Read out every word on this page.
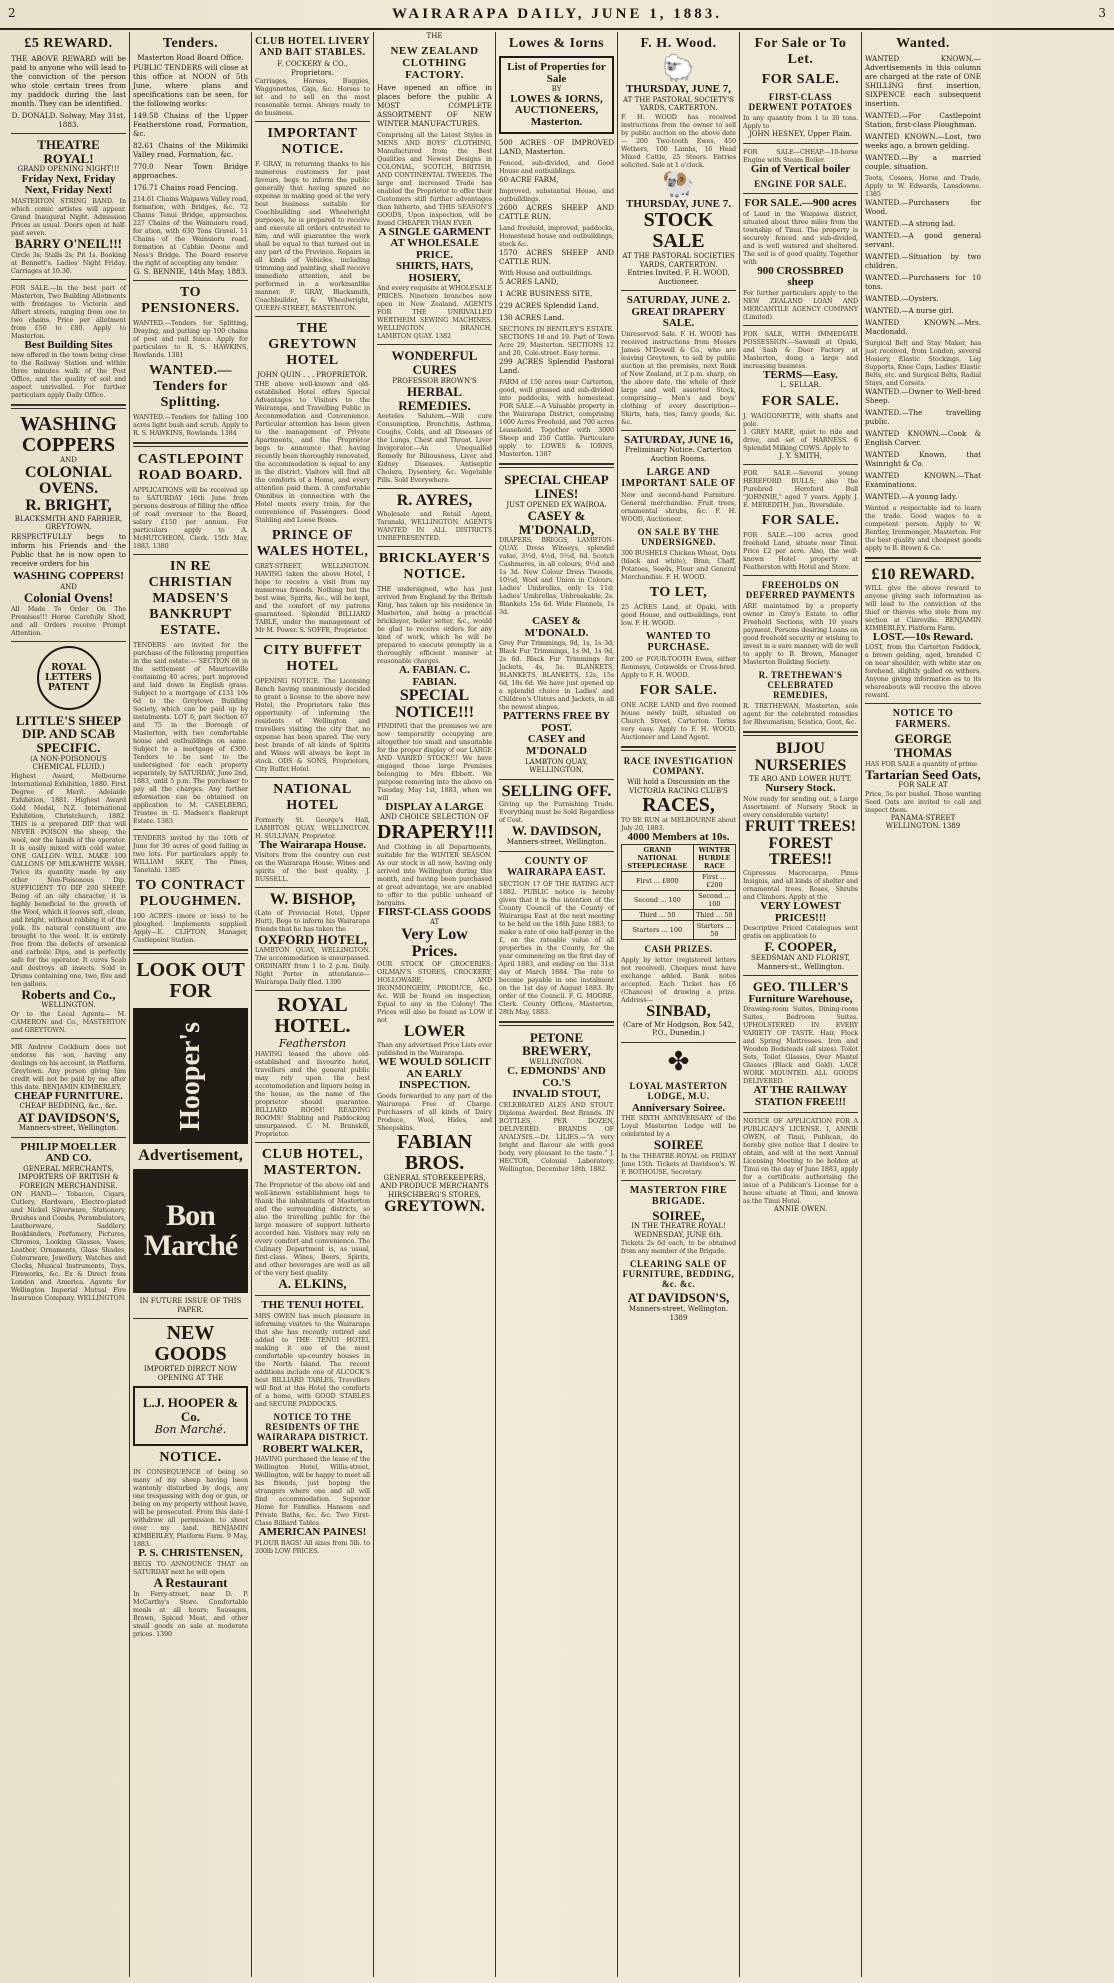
2	WAIRARAPA DAILY, JUNE 1, 1883.	3
£5 REWARD.

THE ABOVE REWARD will be paid to anyone who will lead to the conviction of the person who stole certain trees from my paddock during the last month. They can be identified.

D. DONALD. Solway, May 31st, 1883.

THEATRE ROYAL!
GRAND OPENING NIGHT!!!
Friday Next, Friday Next, Friday Next!
MASTERTON STRING BAND. In which comic artistes will appear. Grand Inaugural Night. Admission Prices as usual. Doors open at half-past seven.
BARRY O'NEIL!!!
Circle 3s; Stalls 2s; Pit 1s. Booking at Bennett's. Ladies' Night Friday. Carriages at 10.30.
FOR SALE.—In the best part of Masterton, Two Building Allotments with frontages to Victoria and Albert streets, ranging from one to two chains. Price per allotment from £50 to £80. Apply to Masterton.
Best Building Sites
now offered in the town being close to the Railway Station and within three minutes walk of the Post Office, and the quality of soil and aspect unrivalled. For further particulars apply Daily Office.
WASHING COPPERS
AND
COLONIAL OVENS.
R. BRIGHT,
BLACKSMITH AND FARRIER, GREYTOWN.

RESPECTFULLY begs to inform his Friends and the Public that he is now open to receive orders for his

WASHING COPPERS!
AND
Colonial Ovens!
All Made To Order On The Premises!!! Horse Carefully Shod, and all Orders receive Prompt Attention.
ROYAL
LETTERS
PATENT
LITTLE'S SHEEP DIP. AND SCAB SPECIFIC.
(A NON-POISONOUS CHEMICAL FLUID.)
Highest Award, Melbourne International Exhibition, 1880. First Degree of Merit. Adelaide Exhibition, 1881. Highest Award Gold Medal, N.Z. International Exhibition, Christchurch, 1882. THIS is a prepared DIP that will NEVER POISON the sheep, the wool, nor the hands of the operator. It is easily mixed with cold water. ONE GALLON WILL MAKE 100 GALLONS OF MILK-WHITE WASH. Twice its quantity made by any other Non-Poisonous Dip. SUFFICIENT TO DIP 200 SHEEP. Being of an oily character, it is highly beneficial to the growth of the Wool, which it leaves soft, clean, and bright, without robbing it of the yolk. Its natural constituent are brought to the wool. It is entirely free from the defects of arsenical and carbolic Dips, and is perfectly safe for the operator. It cures Scab and destroys all insects. Sold in Drums containing one, two, five and ten gallons.
Roberts and Co.,
WELLINGTON.
Or to the Local Agents— M. CAMERON and Co., MASTERTON and GREYTOWN.
MR Andrew Cockburn does not endorse his son, having any dealings on his account, in Platform, Greytown. Any person giving him credit will not be paid by me after this date. BENJAMIN KIMBERLEY.
CHEAP FURNITURE.
CHEAP BEDDING, &c., &c.
AT DAVIDSON'S,
Manners-street, Wellington.
PHILIP MOELLER AND CO.
GENERAL MERCHANTS, IMPORTERS OF BRITISH & FOREIGN MERCHANDISE.
ON HAND— Tobacco, Cigars, Cutlery, Hardware, Electro-plated and Nickel Silverware, Stationery, Brushes and Combs, Perambulators, Leatherware, Saddlery, Bookbinders, Perfumery, Pictures, Chromos, Looking Glasses, Vases, Leather, Ornaments, Glass Shades, Colourware, Jewellery, Watches and Clocks, Musical Instruments, Toys, Fireworks, &c. Ex & Direct from London and America. Agents for Wellington Imperial Mutual Fire Insurance Company. WELLINGTON.
Tenders.
Masterton Road Board Office.

PUBLIC TENDERS will close at this office at NOON of 5th June, where plans and specifications can be seen, for the following works:

149.58 Chains of the Upper Featherstone road, Formation, &c.

82.61 Chains of the Mikimiki Valley road, Formation, &c.

770.0 Near Town Bridge approaches.

176.71 Chains road Fencing.

214.61 Chains Waipawa Valley road, formation, with Bridges, &c. 72 Chains Tenui Bridge, approaches. 227 Chains of the Wainuioru road, for ation, with 630 Tons Gravel. 11 Chains of the Wainuioru road, formation at Cabbie Doone and Ness's Bridge. The Board reserve the right of accepting any tender.

G. S. BENNIE, 14th May, 1883.

TO PENSIONERS.
WANTED.—Tenders for Splitting, Draying, and putting up 100 chains of post and rail fence. Apply for particulars to R. S. HAWKINS, Rowlands. 1381
WANTED.—Tenders for Splitting.
WANTED.—Tenders for falling 100 acres light bush and scrub. Apply to R. S. HAWKINS, Rowlands. 1384
CASTLEPOINT ROAD BOARD.
APPLICATIONS will be received up to SATURDAY 16th June from persons desirous of filling the office of road overseer to the Board, salary £150 per annum. For particulars apply to A. McHUTCHEON, Clerk. 15th May, 1883. 1380
IN RE CHRISTIAN MADSEN'S BANKRUPT ESTATE.
TENDERS are invited for the purchase of the following properties in the said estate:— SECTION 68 in the settlement of Mauriceville containing 40 acres, part improved and laid down in English grass. Subject to a mortgage of £131 10s 6d to the Greytown Building Society, which can be paid up by instalments. LOT 6, part Section 67 and 75 in the Borough of Masterton, with two comfortable house and outbuildings on same. Subject to a mortgage of £300. Tenders to be sent to the undersigned for each property separately, by SATURDAY, June 2nd, 1883, until 5 p.m. The purchaser to pay all the charges. Any further information can be obtained on application to M. CASELBERG, Trustee in G. Madsen's Bankrupt Estate. 1383
TENDERS invited by the 10th of June for 30 acres of good falling in two lots. For particulars apply to WILLIAM SKEY, The Pines, Tanetahi. 1385
TO CONTRACT PLOUGHMEN.
100 ACRES (more or less) to be ploughed. Implements supplied. Apply—E. CLIFTON, Manager, Castlepoint Station.
LOOK OUT FOR
Hooper's
Advertisement,
Bon
Marché
IN FUTURE ISSUE OF THIS PAPER.
NEW GOODS
IMPORTED DIRECT NOW OPENING AT THE
L.J. HOOPER & Co.
Bon Marché.
NOTICE.
IN CONSEQUENCE of being so many of my sheep having been wantonly disturbed by dogs, any one trespassing with dog or gun, or being on my property without leave, will be prosecuted. From this date I withdraw all permission to shoot over my land. BENJAMIN KIMBERLEY, Platform Farm. 9 May, 1883.
P. S. CHRISTENSEN,
BEGS TO ANNOUNCE THAT on SATURDAY next he will open
A Restaurant
In Ferry-street, near D. P. McCarthy's Store. Comfortable meals at all hours; Sausages, Brawn, Spiced Meat, and other small goods on sale at moderate prices. 1390
CLUB HOTEL LIVERY AND BAIT STABLES.
F. COCKERY & CO., Proprietors.
Carriages, Horses, Buggies, Waggonettes, Gigs, &c. Horses to let and to sell on the most reasonable terms. Always ready to do business.
IMPORTANT NOTICE.
F. GRAY, in returning thanks to his numerous customers for past favours, begs to inform the public generally that having spared no expense in making good at the very best business suitable for Coachbuilding and Wheelwright purposes, he is prepared to receive and execute all orders entrusted to him, and will guarantee the work shall be equal to that turned out in any part of the Province. Repairs in all kinds of Vehicles, including trimming and painting, shall receive immediate attention, and be performed in a workmanlike manner. F. GRAY, Blacksmith, Coachbuilder, & Wheelwright, QUEEN-STREET, MASTERTON.
THE GREYTOWN HOTEL
JOHN QUIN . . . PROPRIETOR.
THE above well-known and old-established Hotel offers Special Advantages to Visitors to the Wairarapa, and Travelling Public in Accommodation and Convenience. Particular attention has been given to the management of Private Apartments, and the Proprietor begs to announce that having recently been thoroughly renovated, the accommodation is equal to any in the district. Visitors will find all the comforts of a Home, and every attention paid them. A comfortable Omnibus in connection with the Hotel meets every train, for the convenience of Passengers. Good Stabling and Loose Boxes.
PRINCE OF WALES HOTEL,
GREY-STREET, WELLINGTON. HAVING taken the above Hotel, I hope to receive a visit from my numerous friends. Nothing but the best wine, Spirits, &c., will be kept, and the comfort of my patrons guaranteed. Splendid BILLIARD TABLE, under the management of Mr M. Power. S. SOFFE, Proprietor.
CITY BUFFET HOTEL
OPENING NOTICE. The Licensing Bench having unanimously decided to grant a license to the above new Hotel, the Proprietors take this opportunity of informing the residents of Wellington and travellers visiting the city that no expense has been spared. The very best brands of all kinds of Spirits and Wines will always be kept in stock. ODS & SONS, Proprietors, City Buffet Hotel.
NATIONAL HOTEL
Formerly St. George's Hall, LAMBTON QUAY, WELLINGTON. H. SULLIVAN, Proprietor.
The Wairarapa House.
Visitors from the country can rest on the Wairarapa House. Wines and spirits of the best quality. J. RUSSELL.
W. BISHOP,
(Late of Provincial Hotel, Upper Hutt), Begs to inform his Wairarapa friends that he has taken the
OXFORD HOTEL,
LAMBTON QUAY, WELLINGTON. The accommodation is unsurpassed. ORDINARY from 1 to 2 p.m. Daily. Night Porter in attendance—Wairarapa Daily filed. 1390
ROYAL HOTEL.
Featherston
HAVING leased the above old-established and favourite hotel, travellers and the general public may rely upon the best accommodation and liquors being in the house, as the name of the proprietor should guarantee. BILLIARD ROOM! READING ROOMS! Stabling and Paddocking unsurpassed. C. M. Branskill, Proprietor.
CLUB HOTEL, MASTERTON.
The Proprietor of the above old and well-known establishment begs to thank the inhabitants of Masterton and the surrounding districts, so also the travelling public for the large measure of support hitherto accorded him. Visitors may rely on every comfort and convenience. The Culinary Department is, as usual, first-class. Wines, Beers, Spirits, and other beverages are well as all of the very best quality.
A. ELKINS,
THE TENUI HOTEL
MRS OWEN has much pleasure in informing visitors to the Wairarapa that she has recently retired and added to THE TENUI HOTEL making it one of the most comfortable up-country houses in the North Island. The recent additions include one of ALCOCK'S best BILLIARD TABLES. Travellers will find at this Hotel the comforts of a home, with GOOD STABLES and SECURE PADDOCKS.
NOTICE TO THE RESIDENTS OF THE WAIRARAPA DISTRICT.
ROBERT WALKER,
HAVING purchased the lease of the Wellington Hotel, Willis-street, Wellington, will be happy to meet all his friends, just hoping the strangers where one and all will find accommodation. Superior Home for Families. Hansom and Private Baths, &c. &c. Two First-Class Billiard Tables.
AMERICAN PAINES!
FLOUR BAGS! All sizes from 5lb. to 200lb LOW PRICES.
THE
NEW ZEALAND CLOTHING FACTORY.

Have opened an office in places before the public A MOST COMPLETE ASSORTMENT OF NEW WINTER MANUFACTURES.

Comprising all the Latest Styles in MENS AND BOYS' CLOTHING, Manufactured from the Best Qualities and Newest Designs in COLONIAL, SCOTCH, BRITISH, AND CONTINENTAL TWEEDS. The large and increased Trade has enabled the Proprietor to offer their Customers still further advantages than hitherto, and THIS SEASON'S GOODS, Upon inspection, will be found CHEAPER THAN EVER
A SINGLE GARMENT AT WHOLESALE PRICE.
SHIRTS, HATS, HOSIERY,
And every requisite at WHOLESALE PRICES. Nineteen branches now open in New Zealand. AGENTS FOR THE UNRIVALLED WERTHEIM SEWING MACHINES. WELLINGTON BRANCH, LAMBTON QUAY. 1382
WONDERFUL CURES
PROFESSOR BROWN'S
HERBAL REMEDIES.
Aeeteles Salutem.—Will cure Consumption, Bronchitis, Asthma, Coughs, Colds, and all Diseases of the Lungs, Chest and Throat. Liver Invigorator.—An Unequalled Remedy for Biliousness, Liver and Kidney Diseases. Antiseptic Cholera, Dysentery, &c. Vegetable Pills. Sold Everywhere.
R. AYRES,
Wholesale and Retail Agent, Taranaki, WELLINGTON. AGENTS WANTED IN ALL DISTRICTS UNREPRESENTED.
BRICKLAYER'S NOTICE.
THE undersigned, who has just arrived from England by the British King, has taken up his residence in Masterton, and being a practical bricklayer, boiler setter, &c., would be glad to receive orders for any kind of work, which he will be prepared to execute promptly in a thoroughly efficient manner at reasonable charges.
A. FABIAN. C. FABIAN.
SPECIAL NOTICE!!!
FINDING that the premises we are now temporarily occupying are altogether too small and unsuitable for the proper display of our LARGE AND VARIED STOCK!!! We have engaged those large Premises belonging to Mrs Ebbett. We purpose removing into the above on Tuesday, May 1st, 1883, when we will
DISPLAY A LARGE
AND CHOICE SELECTION OF
DRAPERY!!!
And Clothing in all Departments, suitable for the WINTER SEASON. As our stock is all new, having only arrived into Wellington during this month, and having been purchased at great advantage, we are enabled to offer to the public unheard of bargains.
FIRST-CLASS GOODS
AT
Very Low Prices.
OUR STOCK OF GROCERIES, OILMAN'S STORES, CROCKERY, HOLLOWARE, AND IRONMONGERY, PRODUCE, &c., &c. Will be found on inspection, Equal to any in the Colony! The Prices will also be found as LOW if not
LOWER
Than any advertised Price Lists ever published in the Wairarapa.
WE WOULD SOLICIT AN EARLY INSPECTION.
Goods forwarded to any part of the Wairarapa Free of Charge. Purchasers of all kinds of Dairy Produce, Wool, Hides, and Sheepskins.
FABIAN BROS.
GENERAL STOREKEEPERS, AND PRODUCE MERCHANTS
HIRSCHBERG'S STORES,
GREYTOWN.
Lowes & Iorns
List of Properties for Sale
BY
LOWES & IORNS, AUCTIONEERS, Masterton.

500 ACRES OF IMPROVED LAND, Masterton.

Fenced, sub-divided, and Good House and outbuildings.

60 ACRE FARM,

Improved, substantial House, and outbuildings.

2600 ACRES SHEEP AND CATTLE RUN.

Land freehold, improved, paddocks, Homestead house and outbuildings, stock &c.

1570 ACRES SHEEP AND CATTLE RUN.

With House and outbuildings.

5 ACRES LAND,

1 ACRE BUSINESS SITE,

229 ACRES Splendid Land.

130 ACRES Land.

SECTIONS IN BENTLEY'S ESTATE. SECTIONS 18 and 19. Part of Town Acre 29, Masterton. SECTIONS 12 and 20, Cole-street. Easy terms.

299 ACRES Splendid Pastoral Land.

FARM of 150 acres near Carterton, good, well grassed and sub-divided into paddocks, with homestead. FOR SALE.—A Valuable property in the Wairarapa District, comprising 1600 Acres Freehold, and 700 acres Leasehold. Together with 3000 Sheep and 250 Cattle. Particulars apply to LOWES & IORNS, Masterton. 1387
SPECIAL CHEAP LINES!
JUST OPENED EX WAIROA.
CASEY & M'DONALD,
DRAPERS, BRIGGS, LAMBTON-QUAY. Dress Winseys, splendid value, 3½d, 4½d, 5½d, 6d. Scotch Cashmeres, in all colours, 9½d and 1s 3d. New Colour Dress Tweeds, 10½d, Wool and Union in Colours. Ladies' Umbrellas, only 1s 11d; Ladies' Umbrellas, Unbreakable, 2s. Blankets 15s 6d. Wide Flannels, 1s 3d.
CASEY & M'DONALD.
Grey Fur Trimmings, 9d, 1s, 1s 3d; Black Fur Trimmings, 1s 9d, 1s 9d, 2s 6d. Black Fur Trimmings for Jackets, 4s, 5s. BLANKETS, BLANKETS, BLANKETS, 12s, 15s 6d, 18s 6d. We have just opened up a splendid choice in Ladies' and Children's Ulsters and Jackets, in all the newest shapes.
PATTERNS FREE BY POST.
CASEY and M'DONALD
LAMBTON QUAY, WELLINGTON.
SELLING OFF.
Giving up the Furnishing Trade. Everything must be Sold Regardless of Cost.
W. DAVIDSON,
Manners-street, Wellington.
COUNTY OF WAIRARAPA EAST.
SECTION 17 OF THE RATING ACT 1882. PUBLIC notice is hereby given that it is the intention of the County Council of the County of Wairarapa East at the next meeting to be held on the 18th June 1883, to make a rate of one half-penny in the £, on the rateable value of all properties in the County, for the year commencing on the first day of April 1883, and ending on the 31st day of March 1884. The rate to become payable in one instalment on the 1st day of August 1883. By order of the Council. F. G. MOORE, Clerk. County Offices, Masterton, 28th May, 1883.
PETONE BREWERY,
WELLINGTON.
C. EDMONDS' AND CO.'S
INVALID STOUT,
CELEBRATED ALES AND STOUT. Diploma Awarded. Best Brands. IN BOTTLES, PER DOZEN, DELIVERED. BRANDS OF ANALYSIS.—Dr. LILIES.—"A very bright and flavour ale with good body, very pleasant to the taste." J. HECTOR, Colonial Laboratory, Wellington, December 18th, 1882.
F. H. Wood.
🐑
THURSDAY, JUNE 7,
AT THE PASTORAL SOCIETY'S YARDS, CARTERTON.
F. H. WOOD has received instructions from the owner to sell by public auction on the above date— 200 Two-tooth Ewes, 450 Wethers, 100 Lambs, 16 Head Mixed Cattle, 25 Steers. Entries solicited. Sale at 1 o'clock.
🐏
THURSDAY, JUNE 7.
STOCK SALE
AT THE PASTORAL SOCIETIES YARDS, CARTERTON.
Entries Invited. F. H. WOOD, Auctioneer.
SATURDAY, JUNE 2.
GREAT DRAPERY SALE.
Unreserved Sale. F. H. WOOD has received instructions from Messrs James M'Dowell & Co., who are leaving Greytown, to sell by public auction at the premises, next Bank of New Zealand, at 2 p.m. sharp, on the above date, the whole of their large and well assorted Stock, comprising— Men's and boys' clothing of every description—Shirts, hats, ties, fancy goods, &c. &c.
SATURDAY, JUNE 16,
Preliminary Notice. Carterton Auction Rooms.
LARGE AND IMPORTANT SALE OF
New and second-hand Furniture. General merchandise. Fruit trees, ornamental shrubs, &c. F. H. WOOD, Auctioneer.
ON SALE BY THE UNDERSIGNED.
300 BUSHELS Chicken Wheat, Oats (black and white), Bran, Chaff, Potatoes, Seeds, Flour and General Merchandise. F. H. WOOD.
TO LET,
25 ACRES Land, at Opaki, with good House, and outbuildings, rent low. F. H. WOOD.
WANTED TO PURCHASE.
200 or FOUR-TOOTH Ewes, either Romneys, Cotswolds or Cross-bred. Apply to F. H. WOOD.
FOR SALE.
ONE ACRE LAND and five roomed house newly built, situated on Church Street, Carterton. Terms very easy. Apply to F. H. WOOD, Auctioneer and Land Agent.
RACE INVESTIGATION COMPANY.
Will hold a Discussion on the VICTORIA RACING CLUB'S
RACES,
TO BE RUN at MELBOURNE about July 20, 1883.
4000 Members at 10s.
GRAND NATIONAL STEEPLECHASE	WINTER HURDLE RACE
First ... £800	First ... £200
Second ... 100	Second ... 100
Third ... 50	Third ... 50
Starters ... 100	Starters ... 50
CASH PRIZES.
Apply by letter (registered letters not received). Cheques must have exchange added. Bank notes accepted. Each Ticket has £6 (Chances) of drawing a prize. Address—
SINBAD,
(Care of Mr Hodgson, Box 542, P.O., Dunedin.)
✤
LOYAL MASTERTON LODGE, M.U.
Anniversary Soiree.
THE SIXTH ANNIVERSARY of the Loyal Masterton Lodge will be celebrated by a
SOIREE
In the THEATRE ROYAL on FRIDAY June 15th. Tickets at Davidson's. W. F. BOTHOUSE, Secretary.
MASTERTON FIRE BRIGADE.
SOIREE,
IN THE THEATRE ROYAL!
WEDNESDAY, JUNE 6th.
Tickets 2s 6d each, to be obtained from any member of the Brigade.
CLEARING SALE OF FURNITURE, BEDDING, &c. &c.
AT DAVIDSON'S,
Manners-street, Wellington. 1389
For Sale or To Let.
FOR SALE.
FIRST-CLASS DERWENT POTATOES
In any quantity from 1 to 30 tons. Apply to
JOHN HESNEY, Upper Plain.
FOR SALE—CHEAP.—10-horse Engine with Steam Boiler.
Gin of Vertical boiler
ENGINE FOR SALE.
FOR SALE.—900 acres
of Land in the Waipawa district, situated about three miles from the township of Tinui. The property is securely fenced and sub-divided, and is well watered and sheltered. The soil is of good quality. Together with
900 CROSSBRED sheep
For further particulars apply to the NEW ZEALAND LOAN AND MERCANTILE AGENCY COMPANY (Limited).
FOR SALE, WITH IMMEDIATE POSSESSION.—Sawmill at Opaki, and Sash & Door Factory at Masterton, doing a large and increasing business.
TERMS—Easy.
L. SELLAR.
FOR SALE.
J. WAGGONETTE, with shafts and pole.
1 GREY MARE, quiet to ride and drive, and set of HARNESS. 6 Splendid Milking COWS. Apply to
J. Y. SMITH,
FOR SALE.—Several young HEREFORD BULLS; also the Purebred Hereford Bull "JOHNNIE," aged 7 years. Apply J. E. MEREDITH, Jun., Riversdale.
FOR SALE.
FOR SALE.—100 acres good freehold Land, situate near Tinui. Price £2 per acre. Also, the well-known Hotel property at Featherston with Hotel and Store.
FREEHOLDS ON DEFERRED PAYMENTS
ARE maintained by a property owner in Grey's Estate to offer Freehold Sections, with 10 years payment. Persons desiring Loans on good freehold security or wishing to invest in a sure manner, will do well to apply to B. Brown, Manager Masterton Building Society.
R. TRETHEWAN'S CELEBRATED REMEDIES,
R. TRETHEWAN, Masterton, sole agent for the celebrated remedies for Rheumatism, Sciatica, Gout, &c.
BIJOU NURSERIES
TE ARO AND LOWER HUTT.
Nursery Stock.
Now ready for sending out, a Large Assortment of Nursery Stock in every considerable variety!
FRUIT TREES!
FOREST TREES!!
Cupressus Macrocarpa, Pinus Insignis, and all kinds of shelter and ornamental trees. Roses, Shrubs and Climbers. Apply at the
VERY LOWEST PRICES!!!
Descriptive Priced Catalogues sent gratis on application to
F. COOPER,
SEEDSMAN AND FLORIST,
Manners-st., Wellington.
GEO. TILLER'S
Furniture Warehouse,
Drawing-room Suites, Dining-room Suites, Bedroom Suites. UPHOLSTERED IN EVERY VARIETY OF TASTE. Hair, Flock and Spring Mattresses. Iron and Wooden Bedsteads (all sizes). Toilet Sets, Toilet Glasses, Over Mantel Glasses (Black and Gold). LACE WORK MOUNTED. ALL GOODS DELIVERED
AT THE RAILWAY STATION FREE!!!
NOTICE OF APPLICATION FOR A PUBLICAN'S LICENSE. I, ANNIE OWEN, of Tinui, Publican, do hereby give notice that I desire to obtain, and will at the next Annual Licensing Meeting to be holden at Tinui on the day of June 1883, apply for a certificate authorising the issue of a Publican's License for a house situate at Tinui, and known as the Tinui Hotel.
ANNIE OWEN.
Wanted.

WANTED KNOWN.—Advertisements in this column are charged at the rate of ONE SHILLING first insertion, SIXPENCE each subsequent insertion.

WANTED.—For Castlepoint Station, first-class Ploughman.

WANTED KNOWN.—Lost, two weeks ago, a brown gelding.

WANTED.—By a married couple, situation.

Toots, Cosons, Horse and Trade, Apply to W. Edwards, Lansdowne. 1385

WANTED.—Purchasers for Wood.

WANTED.—A strong lad.

WANTED.—A good general servant.

WANTED.—Situation by two children.

WANTED.—Purchasers for 10 tons.

WANTED.—Oysters.

WANTED.—A nurse girl.

WANTED KNOWN.—Mrs. Macdonald.

Surgical Belt and Stay Maker, has just received, from London, several Hosiery, Elastic Stockings, Leg Supports, Knee Caps, Ladies' Elastic Belts, etc. and Surgical Belts, Radial Stays, and Corsets.

WANTED.—Owner to Well-bred Sheep.

WANTED.—The travelling public.

WANTED KNOWN.—Cook & English Carver.

WANTED Known, that Wainright & Co.

WANTED KNOWN.—That Examinations.

WANTED.—A young lady.

Wanted a respectable lad to learn the trade. Good wages to a competent person. Apply to W. Bentley, Ironmonger, Masterton. For the best quality and cheapest goods apply to B. Brown & Co.
£10 REWARD.
WILL give the above reward to anyone giving such information as will lead to the conviction of the thief or thieves who stole from my section at Clareville. BENJAMIN KIMBERLEY, Platform Farm.
LOST.—10s Reward.
LOST, from the Carterton Paddock, a brown gelding, aged, branded C on near shoulder, with white star on forehead, slightly galled on withers. Anyone giving information as to its whereabouts will receive the above reward.
NOTICE TO FARMERS.
GEORGE THOMAS
HAS FOR SALE a quantity of prime
Tartarian Seed Oats,
FOR SALE AT
Price, 5s per bushel. Those wanting Seed Oats are invited to call and inspect them.
PANAMA-STREET WELLINGTON. 1389
